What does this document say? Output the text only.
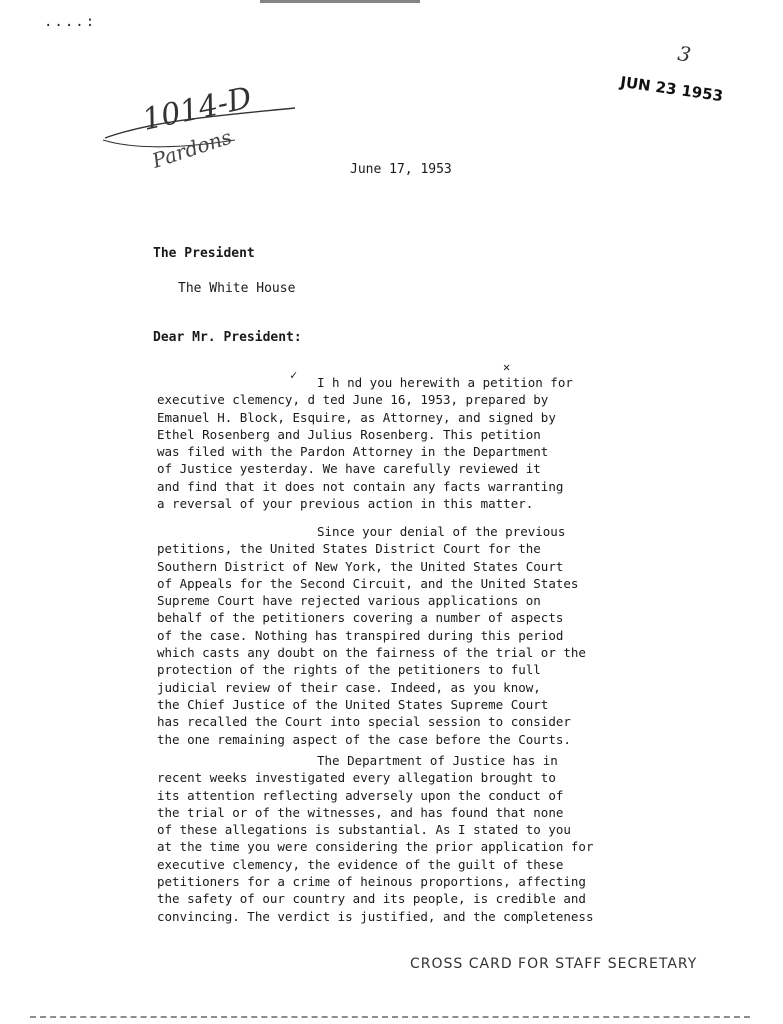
....:
1014-D
Pardons
3
JUN 23 1953
June 17, 1953
The President
The White House
Dear Mr. President:
✓
✕

I h nd you herewith a petition for
executive clemency, d ted June 16, 1953, prepared by
Emanuel H. Block, Esquire, as Attorney, and signed by
Ethel Rosenberg and Julius Rosenberg. This petition
was filed with the Pardon Attorney in the Department
of Justice yesterday. We have carefully reviewed it
and find that it does not contain any facts warranting
a reversal of your previous action in this matter.

Since your denial of the previous
petitions, the United States District Court for the
Southern District of New York, the United States Court
of Appeals for the Second Circuit, and the United States
Supreme Court have rejected various applications on
behalf of the petitioners covering a number of aspects
of the case. Nothing has transpired during this period
which casts any doubt on the fairness of the trial or the
protection of the rights of the petitioners to full
judicial review of their case. Indeed, as you know,
the Chief Justice of the United States Supreme Court
has recalled the Court into special session to consider
the one remaining aspect of the case before the Courts.

The Department of Justice has in
recent weeks investigated every allegation brought to
its attention reflecting adversely upon the conduct of
the trial or of the witnesses, and has found that none
of these allegations is substantial. As I stated to you
at the time you were considering the prior application for
executive clemency, the evidence of the guilt of these
petitioners for a crime of heinous proportions, affecting
the safety of our country and its people, is credible and
convincing. The verdict is justified, and the completeness

CROSS CARD FOR STAFF SECRETARY
